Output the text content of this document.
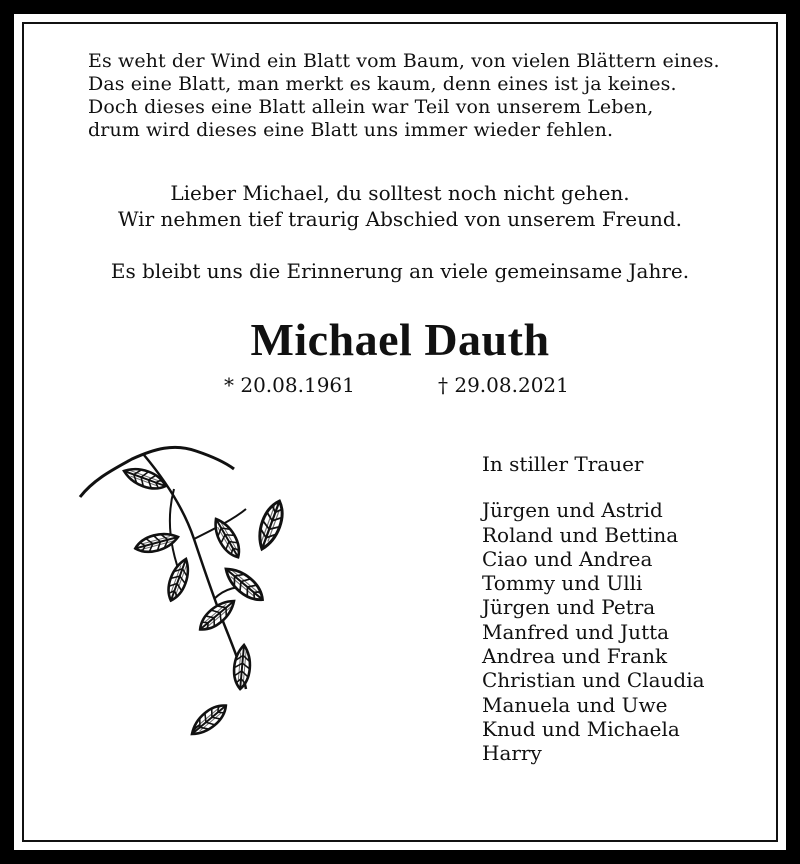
Es weht der Wind ein Blatt vom Baum, von vielen Blättern eines.
Das eine Blatt, man merkt es kaum, denn eines ist ja keines.
Doch dieses eine Blatt allein war Teil von unserem Leben,
drum wird dieses eine Blatt uns immer wieder fehlen.
Lieber Michael, du solltest noch nicht gehen.
Wir nehmen tief traurig Abschied von unserem Freund.
Es bleibt uns die Erinnerung an viele gemeinsame Jahre.
Michael Dauth
* 20.08.1961	† 29.08.2021
In stiller Trauer
Jürgen und Astrid
Roland und Bettina
Ciao und Andrea
Tommy und Ulli
Jürgen und Petra
Manfred und Jutta
Andrea und Frank
Christian und Claudia
Manuela und Uwe
Knud und Michaela
Harry
